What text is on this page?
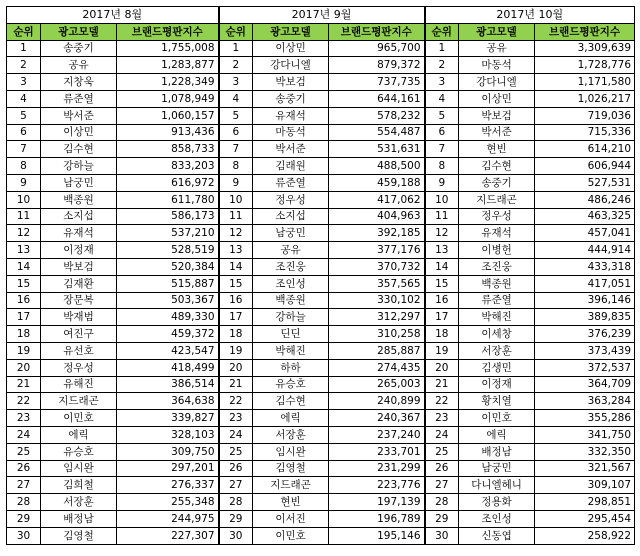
2017년 8월			2017년 9월			2017년 10월		
순위	광고모델	브랜드평판지수	순위	광고모델	브랜드평판지수	순위	광고모델	브랜드평판지수
1	송중기	1,755,008	1	이상민	965,700	1	공유	3,309,639
2	공유	1,283,877	2	강다니엘	879,372	2	마동석	1,728,776
3	지창욱	1,228,349	3	박보검	737,735	3	강다니엘	1,171,580
4	류준열	1,078,949	4	송중기	644,161	4	이상민	1,026,217
5	박서준	1,060,157	5	유재석	578,232	5	박보검	719,036
6	이상민	913,436	6	마동석	554,487	6	박서준	715,336
7	김수현	858,733	7	박서준	531,631	7	현빈	614,210
8	강하늘	833,203	8	김래원	488,500	8	김수현	606,944
9	남궁민	616,972	9	류준열	459,188	9	송중기	527,531
10	백종원	611,780	10	정우성	417,062	10	지드래곤	486,246
11	소지섭	586,173	11	소지섭	404,963	11	정우성	463,325
12	유재석	537,210	12	남궁민	392,185	12	유재석	457,041
13	이정재	528,519	13	공유	377,176	13	이병헌	444,914
14	박보검	520,384	14	조진웅	370,732	14	조진웅	433,318
15	김재환	515,887	15	조인성	357,565	15	백종원	417,051
16	장문복	503,367	16	백종원	330,102	16	류준열	396,146
17	박재범	489,330	17	강하늘	312,297	17	박해진	389,835
18	여진구	459,372	18	딘딘	310,258	18	이세창	376,239
19	유선호	423,547	19	박해진	285,887	19	서장훈	373,439
20	정우성	418,499	20	하하	274,435	20	김생민	372,537
21	유해진	386,514	21	유승호	265,003	21	이정재	364,709
22	지드래곤	364,638	22	김수현	240,899	22	황치열	363,284
23	이민호	339,827	23	에릭	240,367	23	이민호	355,286
24	에릭	328,103	24	서장훈	237,240	24	에릭	341,750
25	유승호	309,750	25	임시완	233,701	25	배정남	332,350
26	임시완	297,201	26	김영철	231,299	26	남궁민	321,567
27	김희철	276,337	27	지드래곤	223,776	27	다니엘헤니	309,107
28	서장훈	255,348	28	현빈	197,139	28	정용화	298,851
29	배정남	244,975	29	이서진	196,789	29	조인성	295,454
30	김영철	227,307	30	이민호	195,146	30	신동엽	258,922
